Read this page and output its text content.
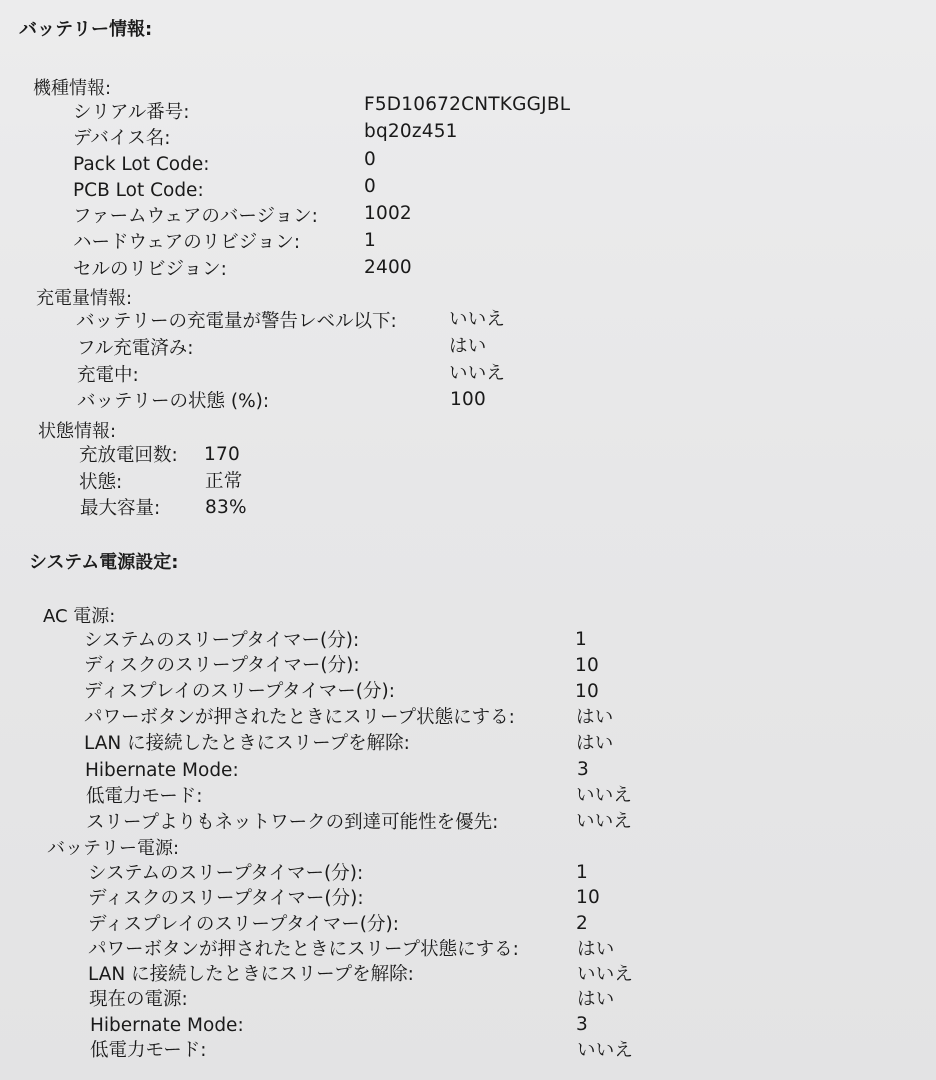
バッテリー情報:
機種情報:
シリアル番号:	F5D10672CNTKGGJBL
デバイス名:	bq20z451
Pack Lot Code:	0
PCB Lot Code:	0
ファームウェアのバージョン: 1002
ハードウェアのリビジョン:	1
セルのリビジョン:	2400
充電量情報:
バッテリーの充電量が警告レベル以下:	いいえ
フル充電済み:	はい
充電中:	いいえ
バッテリーの状態 (%):	100
状態情報:
充放電回数: 170
状態:	正常
最大容量: 83%
システム電源設定:
AC 電源:
システムのスリープタイマー(分):	1
ディスクのスリープタイマー(分):	10
ディスプレイのスリープタイマー(分):	10
パワーボタンが押されたときにスリープ状態にする:	はい
LAN に接続したときにスリープを解除:	はい
Hibernate Mode:	3
低電力モード:	いいえ
スリープよりもネットワークの到達可能性を優先:	いいえ
バッテリー電源:
システムのスリープタイマー(分):	1
ディスクのスリープタイマー(分):	10
ディスプレイのスリープタイマー(分):	2
パワーボタンが押されたときにスリープ状態にする:	はい
LAN に接続したときにスリープを解除:	いいえ
現在の電源:	はい
Hibernate Mode:	3
低電力モード:	いいえ
